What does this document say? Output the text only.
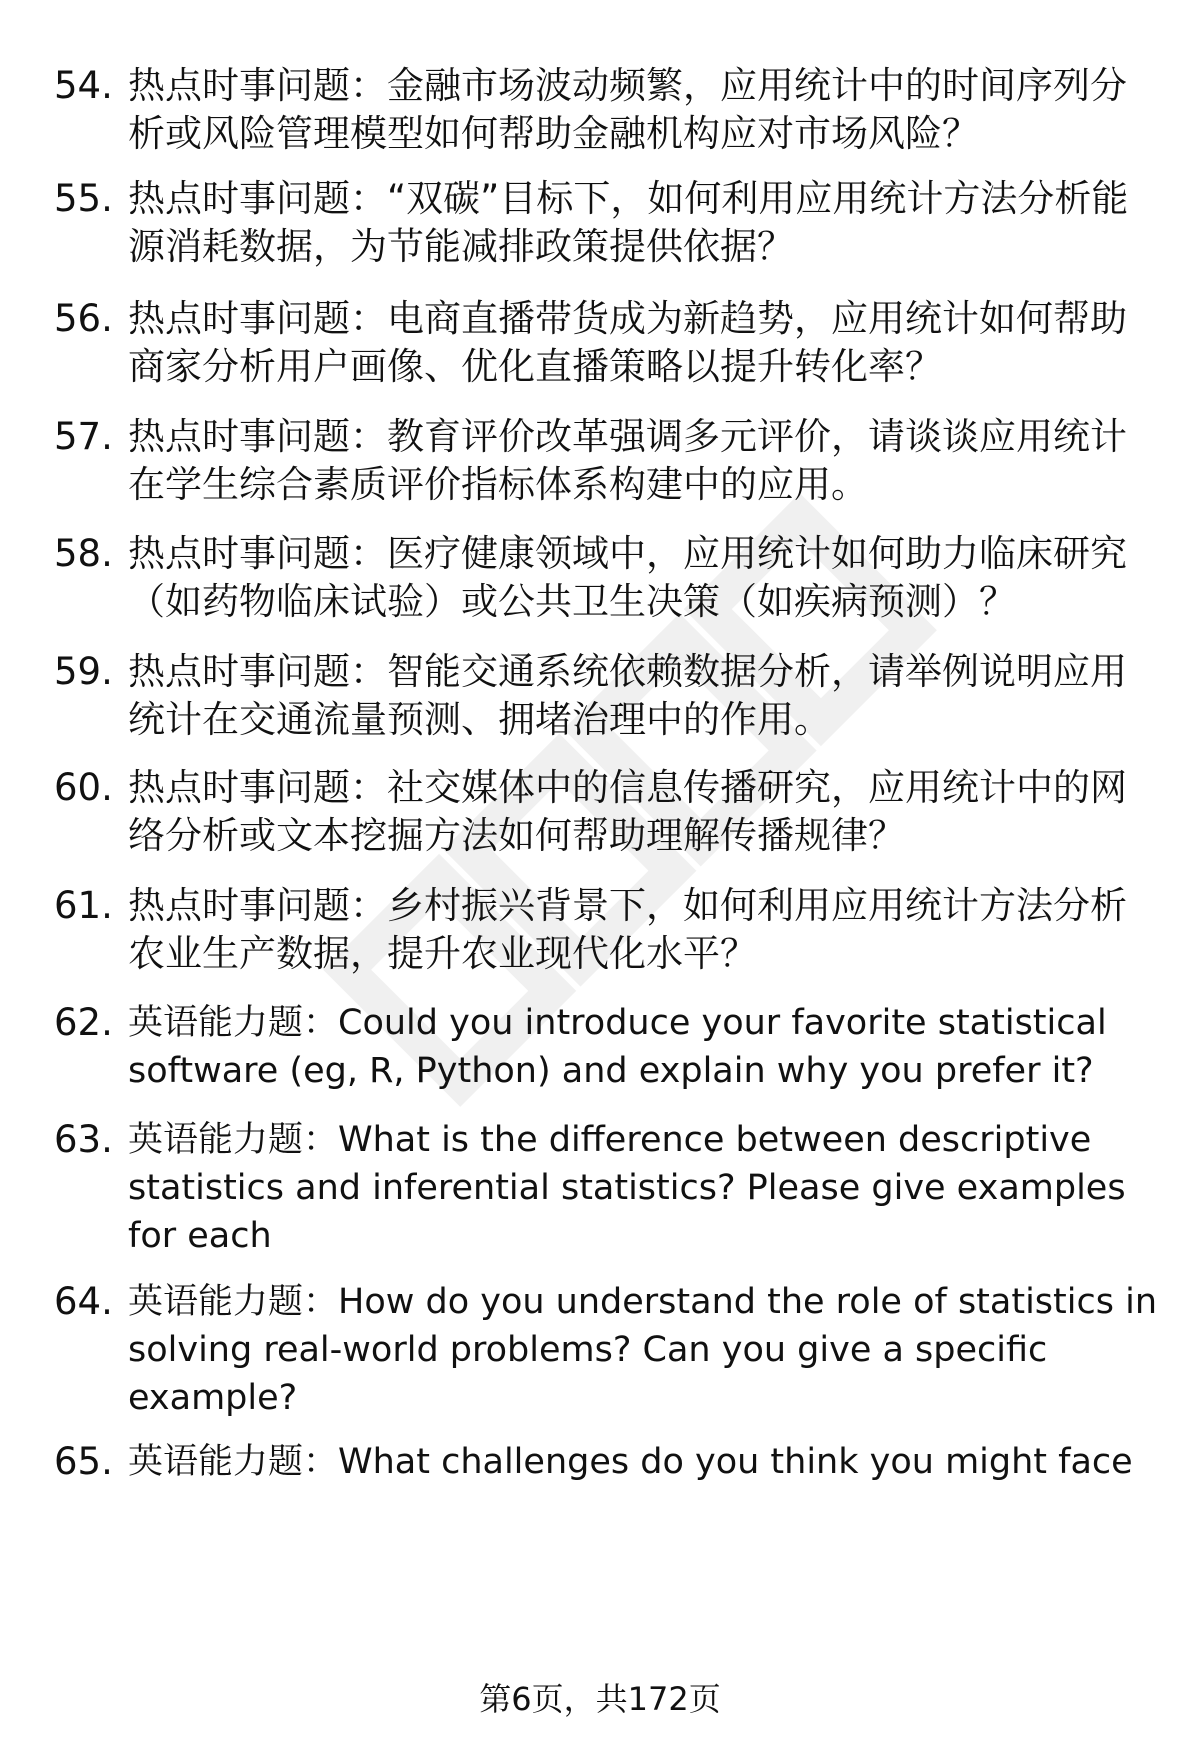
54. 热点时事问题：金融市场波动频繁，应用统计中的时间序列分析或风险管理模型如何帮助金融机构应对市场风险？
55. 热点时事问题：“双碳”目标下，如何利用应用统计方法分析能源消耗数据，为节能减排政策提供依据？
56. 热点时事问题：电商直播带货成为新趋势，应用统计如何帮助商家分析用户画像、优化直播策略以提升转化率？
57. 热点时事问题：教育评价改革强调多元评价，请谈谈应用统计在学生综合素质评价指标体系构建中的应用。
58. 热点时事问题：医疗健康领域中，应用统计如何助力临床研究（如药物临床试验）或公共卫生决策（如疾病预测）？
59. 热点时事问题：智能交通系统依赖数据分析，请举例说明应用统计在交通流量预测、拥堵治理中的作用。
60. 热点时事问题：社交媒体中的信息传播研究，应用统计中的网络分析或文本挖掘方法如何帮助理解传播规律？
61. 热点时事问题：乡村振兴背景下，如何利用应用统计方法分析农业生产数据，提升农业现代化水平？
62. 英语能力题：Could you introduce your favorite statistical software (eg, R, Python) and explain why you prefer it?
63. 英语能力题：What is the difference between descriptive statistics and inferential statistics? Please give examples for each
64. 英语能力题：How do you understand the role of statistics in solving real-world problems? Can you give a specific example?
65. 英语能力题：What challenges do you think you might face
第6页，共172页
